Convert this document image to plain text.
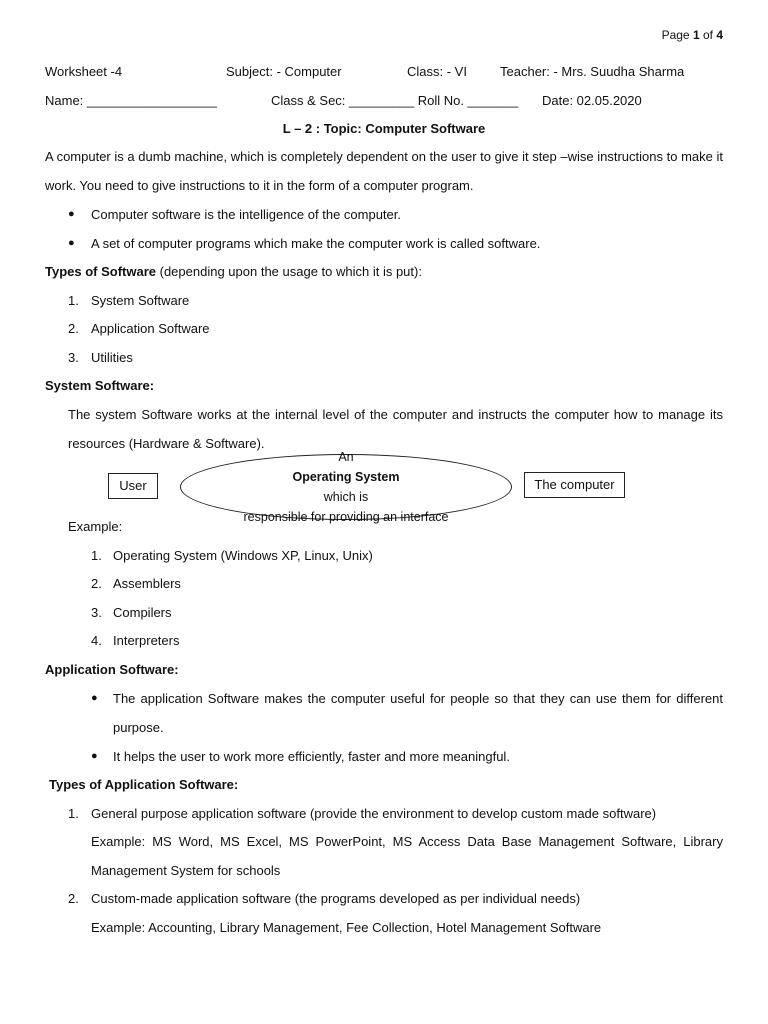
Page 1 of 4
Worksheet -4	Subject: - Computer	Class: - VI	Teacher: - Mrs. Suudha Sharma
Name: __________________	Class & Sec: _________ Roll No. _______ Date: 02.05.2020
L – 2 : Topic: Computer Software
A computer is a dumb machine, which is completely dependent on the user to give it step –wise instructions to make it work. You need to give instructions to it in the form of a computer program.
● Computer software is the intelligence of the computer.
● A set of computer programs which make the computer work is called software.
Types of Software (depending upon the usage to which it is put):
1. System Software
2. Application Software
3. Utilities
System Software:
The system Software works at the internal level of the computer and instructs the computer how to manage its resources (Hardware & Software).
User
An
Operating System
which is
responsible for providing an interface
The computer
Example:
1. Operating System (Windows XP, Linux, Unix)
2. Assemblers
3. Compilers
4. Interpreters
Application Software:
● The application Software makes the computer useful for people so that they can use them for different purpose.
● It helps the user to work more efficiently, faster and more meaningful.
Types of Application Software:
1. General purpose application software (provide the environment to develop custom made software)
Example: MS Word, MS Excel, MS PowerPoint, MS Access Data Base Management Software, Library Management System for schools
2. Custom-made application software (the programs developed as per individual needs)
Example: Accounting, Library Management, Fee Collection, Hotel Management Software
